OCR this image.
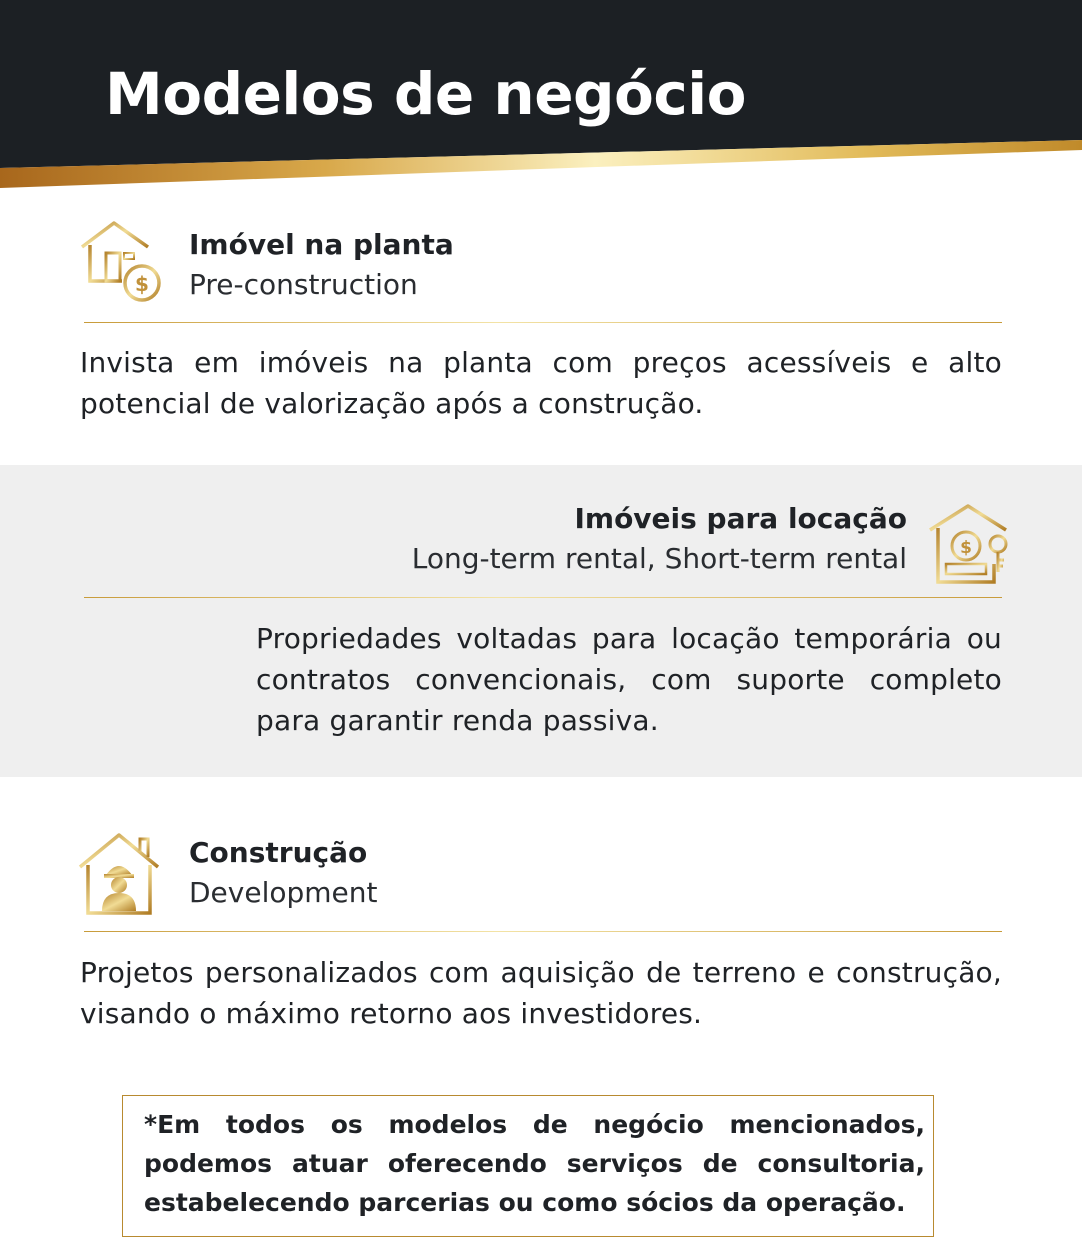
Modelos de negócio
$
Imóvel na planta
Pre-construction

Invista em imóveis na planta com preços acessíveis e alto potencial de valorização após a construção.

Imóveis para locação
Long-term rental, Short-term rental	$

Propriedades voltadas para locação temporária ou contratos convencionais, com suporte completo para garantir renda passiva.

Construção
Development

Projetos personalizados com aquisição de terreno e construção, visando o máximo retorno aos investidores.

*Em todos os modelos de negócio mencionados, podemos atuar oferecendo serviços de consultoria, estabelecendo parcerias ou como sócios da operação.
